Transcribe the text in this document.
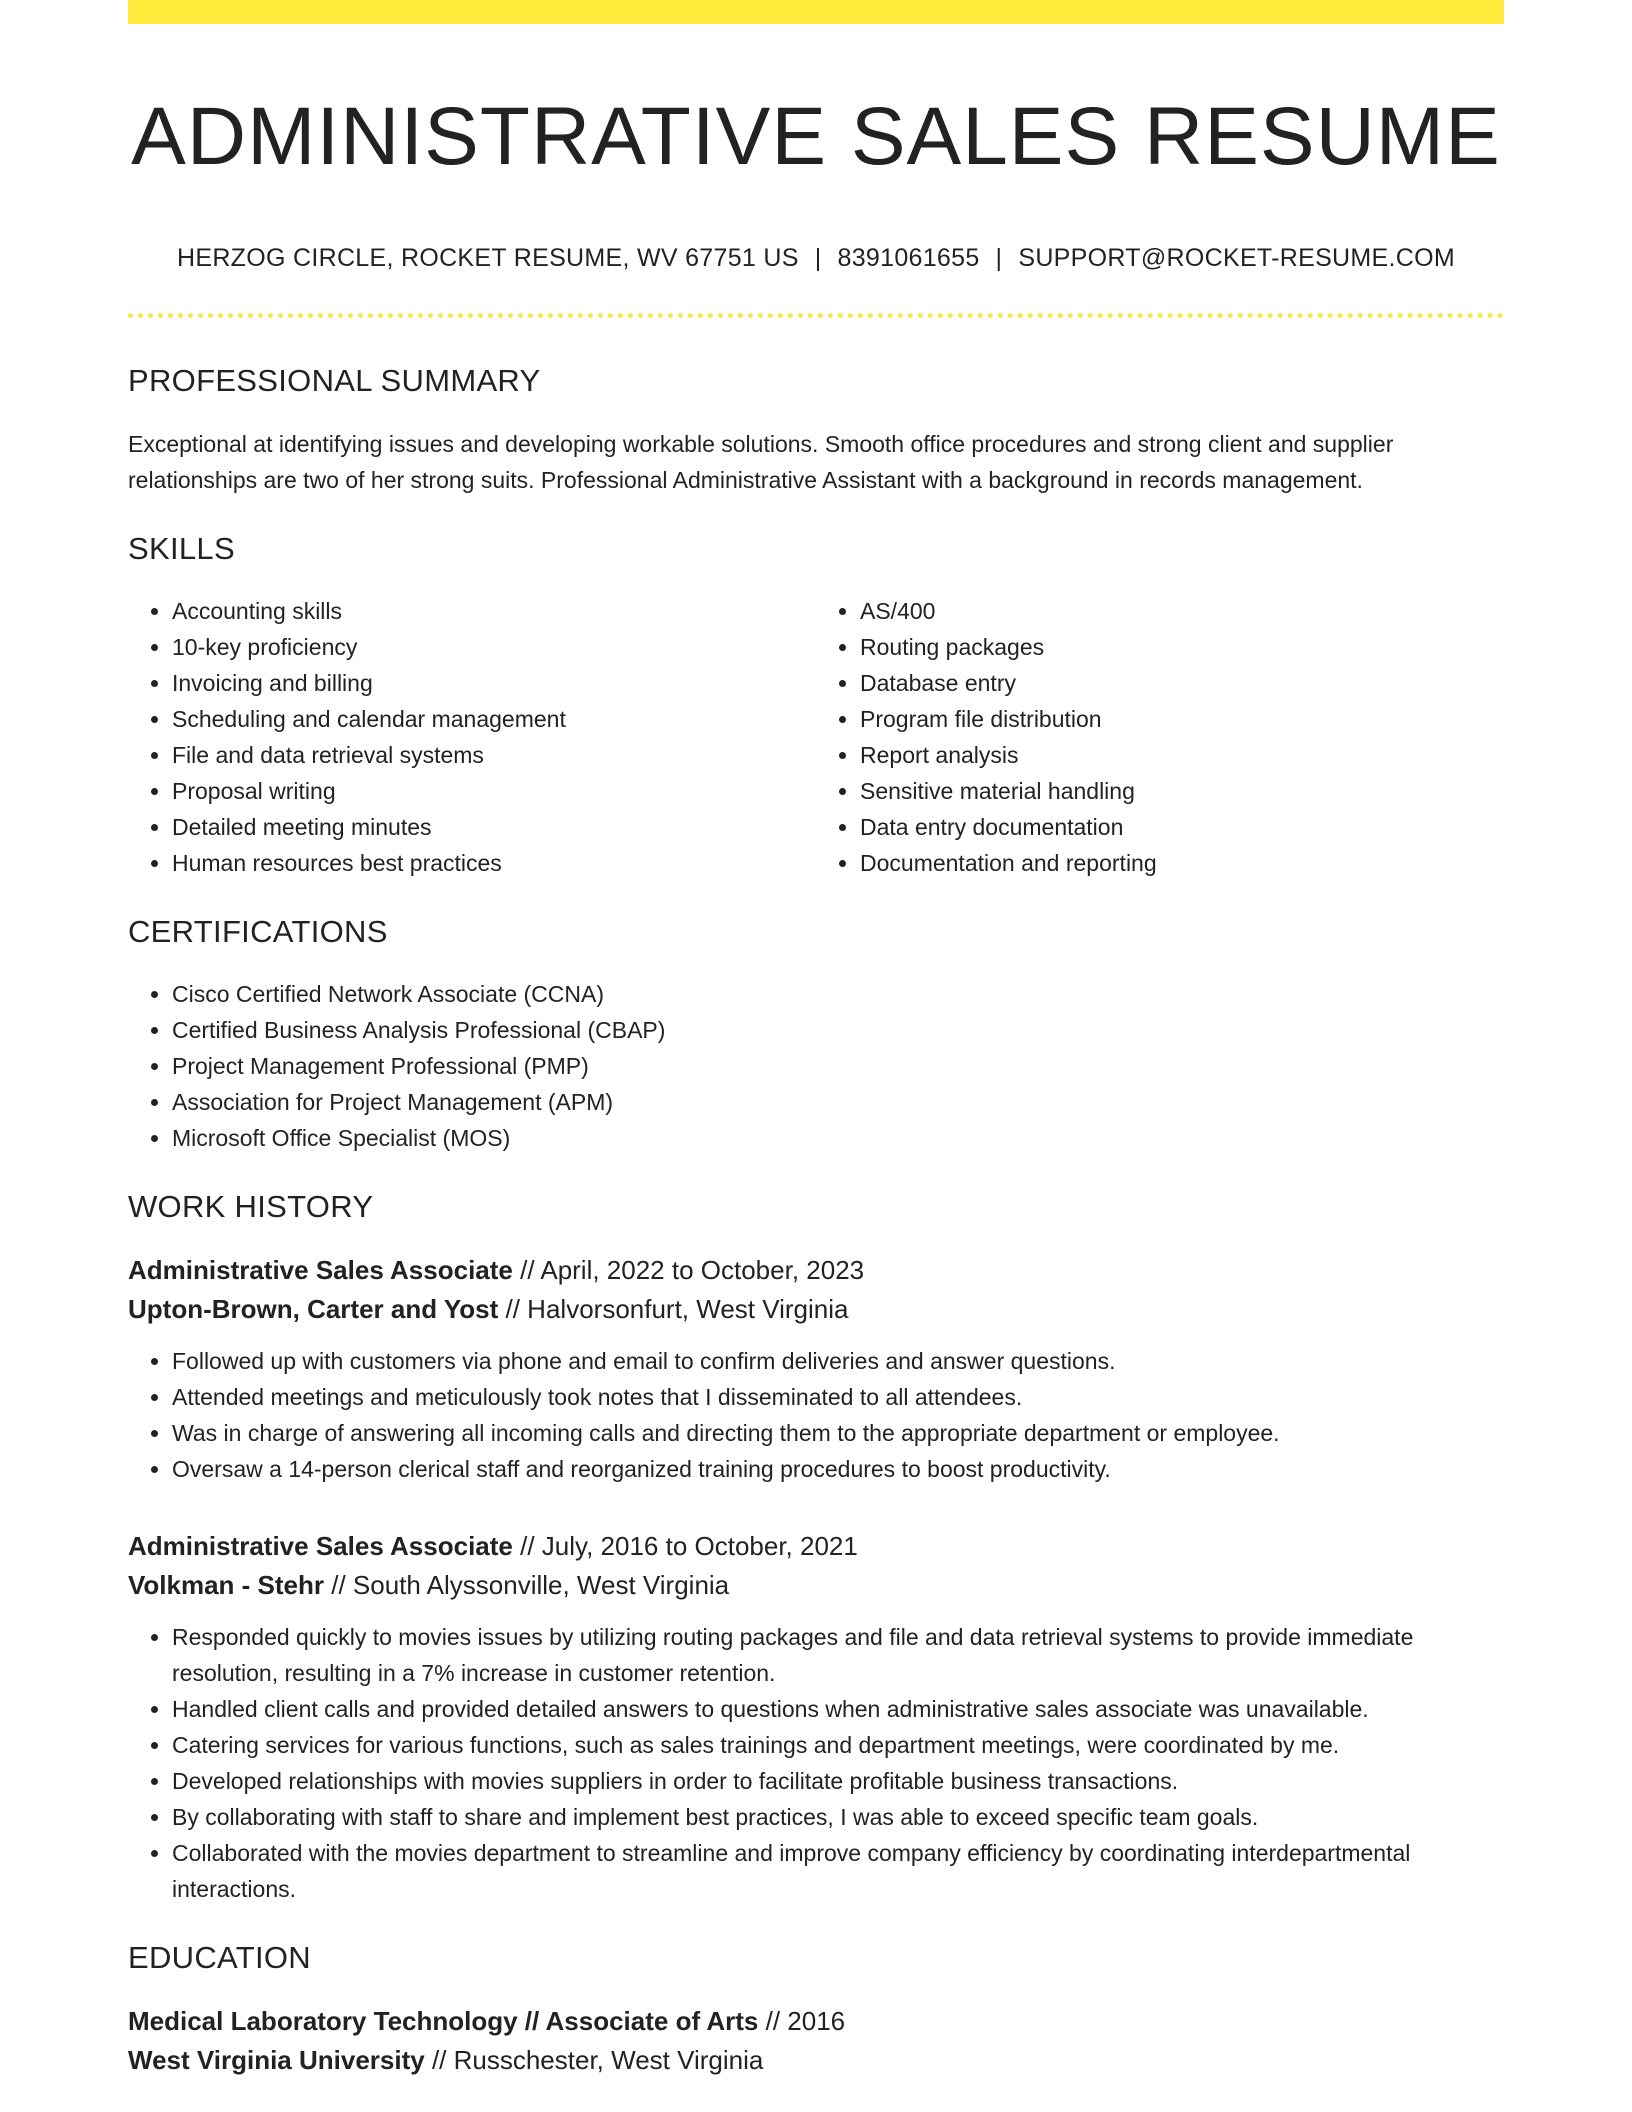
ADMINISTRATIVE SALES RESUME
HERZOG CIRCLE, ROCKET RESUME, WV 67751 US | 8391061655 | SUPPORT@ROCKET-RESUME.COM
PROFESSIONAL SUMMARY

Exceptional at identifying issues and developing workable solutions. Smooth office procedures and strong client and supplier relationships are two of her strong suits. Professional Administrative Assistant with a background in records management.

SKILLS
• Accounting skills
• 10-key proficiency
• Invoicing and billing
• Scheduling and calendar management
• File and data retrieval systems
• Proposal writing
• Detailed meeting minutes
• Human resources best practices
• AS/400
• Routing packages
• Database entry
• Program file distribution
• Report analysis
• Sensitive material handling
• Data entry documentation
• Documentation and reporting
CERTIFICATIONS
• Cisco Certified Network Associate (CCNA)
• Certified Business Analysis Professional (CBAP)
• Project Management Professional (PMP)
• Association for Project Management (APM)
• Microsoft Office Specialist (MOS)
WORK HISTORY
Administrative Sales Associate // April, 2022 to October, 2023
Upton-Brown, Carter and Yost // Halvorsonfurt, West Virginia
• Followed up with customers via phone and email to confirm deliveries and answer questions.
• Attended meetings and meticulously took notes that I disseminated to all attendees.
• Was in charge of answering all incoming calls and directing them to the appropriate department or employee.
• Oversaw a 14-person clerical staff and reorganized training procedures to boost productivity.
Administrative Sales Associate // July, 2016 to October, 2021
Volkman - Stehr // South Alyssonville, West Virginia
• Responded quickly to movies issues by utilizing routing packages and file and data retrieval systems to provide immediate resolution, resulting in a 7% increase in customer retention.
• Handled client calls and provided detailed answers to questions when administrative sales associate was unavailable.
• Catering services for various functions, such as sales trainings and department meetings, were coordinated by me.
• Developed relationships with movies suppliers in order to facilitate profitable business transactions.
• By collaborating with staff to share and implement best practices, I was able to exceed specific team goals.
• Collaborated with the movies department to streamline and improve company efficiency by coordinating interdepartmental interactions.
EDUCATION
Medical Laboratory Technology // Associate of Arts // 2016
West Virginia University // Russchester, West Virginia
